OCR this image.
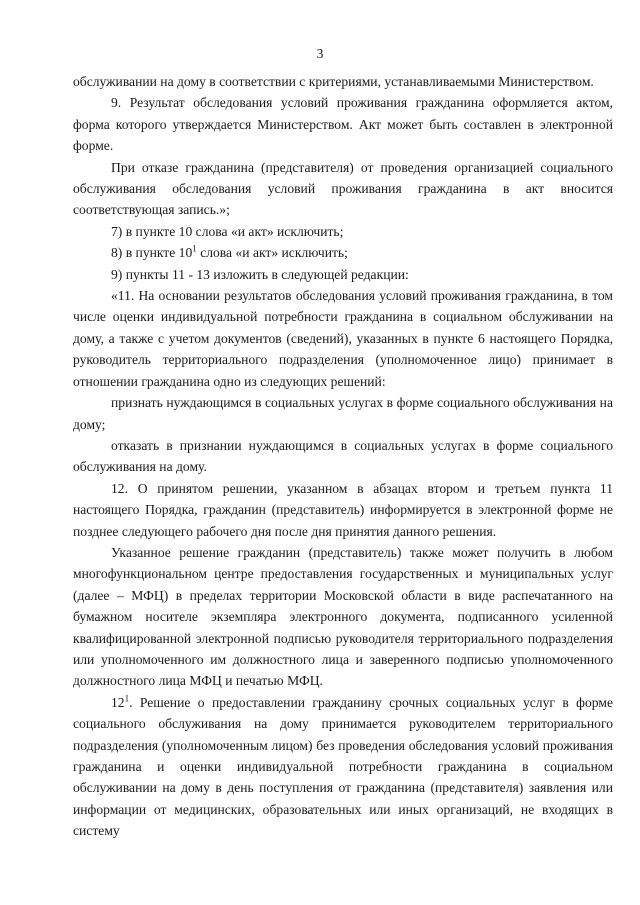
3

обслуживании на дому в соответствии с критериями, устанавливаемыми Министерством.

9. Результат обследования условий проживания гражданина оформляется актом, форма которого утверждается Министерством. Акт может быть составлен в электронной форме.

При отказе гражданина (представителя) от проведения организацией социального обслуживания обследования условий проживания гражданина в акт вносится соответствующая запись.»;

7) в пункте 10 слова «и акт» исключить;

8) в пункте $10^1$ слова «и акт» исключить;

9) пункты 11 - 13 изложить в следующей редакции:

«11. На основании результатов обследования условий проживания гражданина, в том числе оценки индивидуальной потребности гражданина в социальном обслуживании на дому, а также с учетом документов (сведений), указанных в пункте 6 настоящего Порядка, руководитель территориального подразделения (уполномоченное лицо) принимает в отношении гражданина одно из следующих решений:

признать нуждающимся в социальных услугах в форме социального обслуживания на дому;

отказать в признании нуждающимся в социальных услугах в форме социального обслуживания на дому.

12. О принятом решении, указанном в абзацах втором и третьем пункта 11 настоящего Порядка, гражданин (представитель) информируется в электронной форме не позднее следующего рабочего дня после дня принятия данного решения.

Указанное решение гражданин (представитель) также может получить в любом многофункциональном центре предоставления государственных и муниципальных услуг (далее – МФЦ) в пределах территории Московской области в виде распечатанного на бумажном носителе экземпляра электронного документа, подписанного усиленной квалифицированной электронной подписью руководителя территориального подразделения или уполномоченного им должностного лица и заверенного подписью уполномоченного должностного лица МФЦ и печатью МФЦ.

$12^1$. Решение о предоставлении гражданину срочных социальных услуг в форме социального обслуживания на дому принимается руководителем территориального подразделения (уполномоченным лицом) без проведения обследования условий проживания гражданина и оценки индивидуальной потребности гражданина в социальном обслуживании на дому в день поступления от гражданина (представителя) заявления или информации от медицинских, образовательных или иных организаций, не входящих в систему
